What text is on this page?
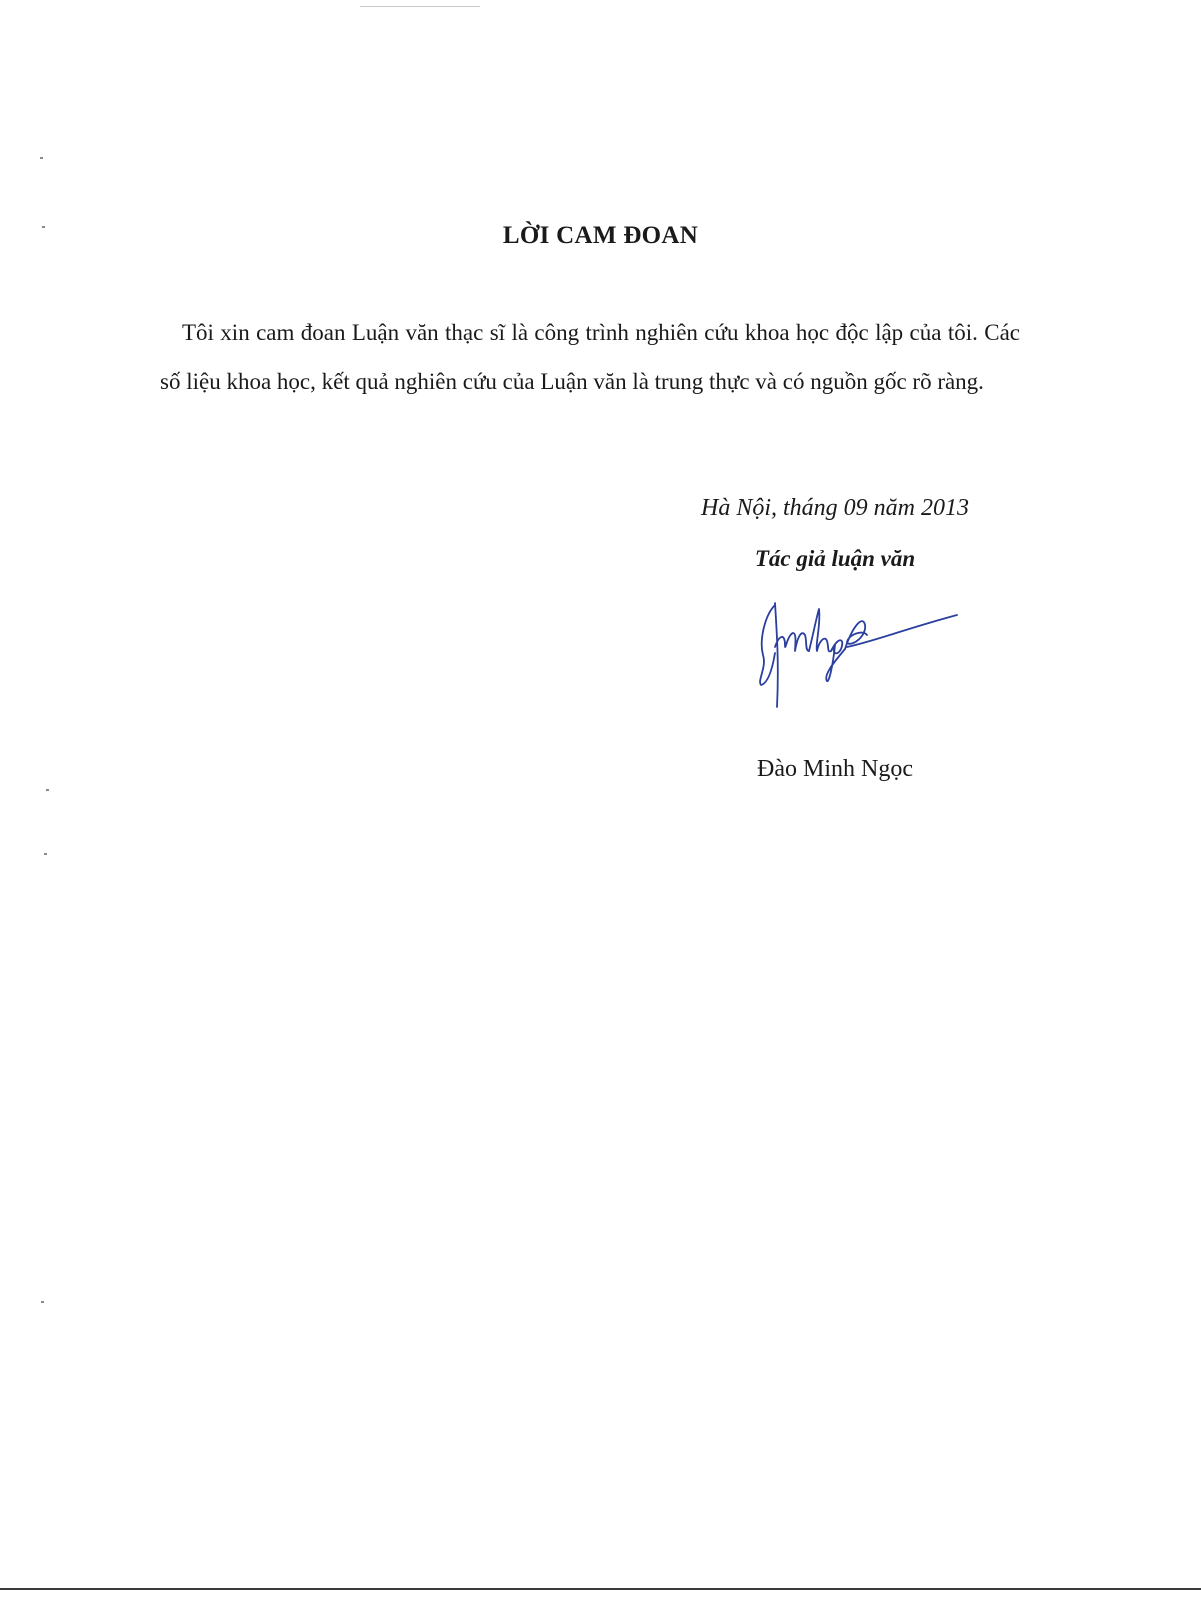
LỜI CAM ĐOAN

Tôi xin cam đoan Luận văn thạc sĩ là công trình nghiên cứu khoa học độc lập của tôi. Các số liệu khoa học, kết quả nghiên cứu của Luận văn là trung thực và có nguồn gốc rõ ràng.

Hà Nội, tháng 09 năm 2013

Tác giả luận văn

Đào Minh Ngọc
